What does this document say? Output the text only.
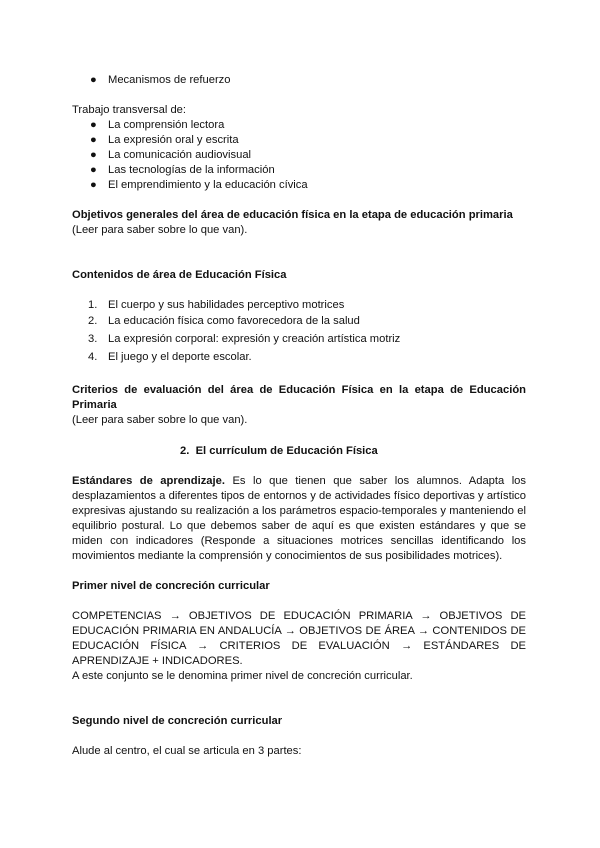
● Mecanismos de refuerzo
Trabajo transversal de:
● La comprensión lectora
● La expresión oral y escrita
● La comunicación audiovisual
● Las tecnologías de la información
● El emprendimiento y la educación cívica
Objetivos generales del área de educación física en la etapa de educación primaria
(Leer para saber sobre lo que van).
Contenidos de área de Educación Física
1. El cuerpo y sus habilidades perceptivo motrices
2. La educación física como favorecedora de la salud
3. La expresión corporal: expresión y creación artística motriz
4. El juego y el deporte escolar.
Criterios de evaluación del área de Educación Física en la etapa de Educación
Primaria
(Leer para saber sobre lo que van).
2. El currículum de Educación Física
Estándares de aprendizaje. Es lo que tienen que saber los alumnos. Adapta los
desplazamientos a diferentes tipos de entornos y de actividades físico deportivas y artístico
expresivas ajustando su realización a los parámetros espacio-temporales y manteniendo el
equilibrio postural. Lo que debemos saber de aquí es que existen estándares y que se
miden con indicadores (Responde a situaciones motrices sencillas identificando los
movimientos mediante la comprensión y conocimientos de sus posibilidades motrices).
Primer nivel de concreción curricular
COMPETENCIAS → OBJETIVOS DE EDUCACIÓN PRIMARIA → OBJETIVOS DE
EDUCACIÓN PRIMARIA EN ANDALUCÍA → OBJETIVOS DE ÁREA → CONTENIDOS DE
EDUCACIÓN FÍSICA → CRITERIOS DE EVALUACIÓN → ESTÁNDARES DE
APRENDIZAJE + INDICADORES.
A este conjunto se le denomina primer nivel de concreción curricular.
Segundo nivel de concreción curricular
Alude al centro, el cual se articula en 3 partes:
